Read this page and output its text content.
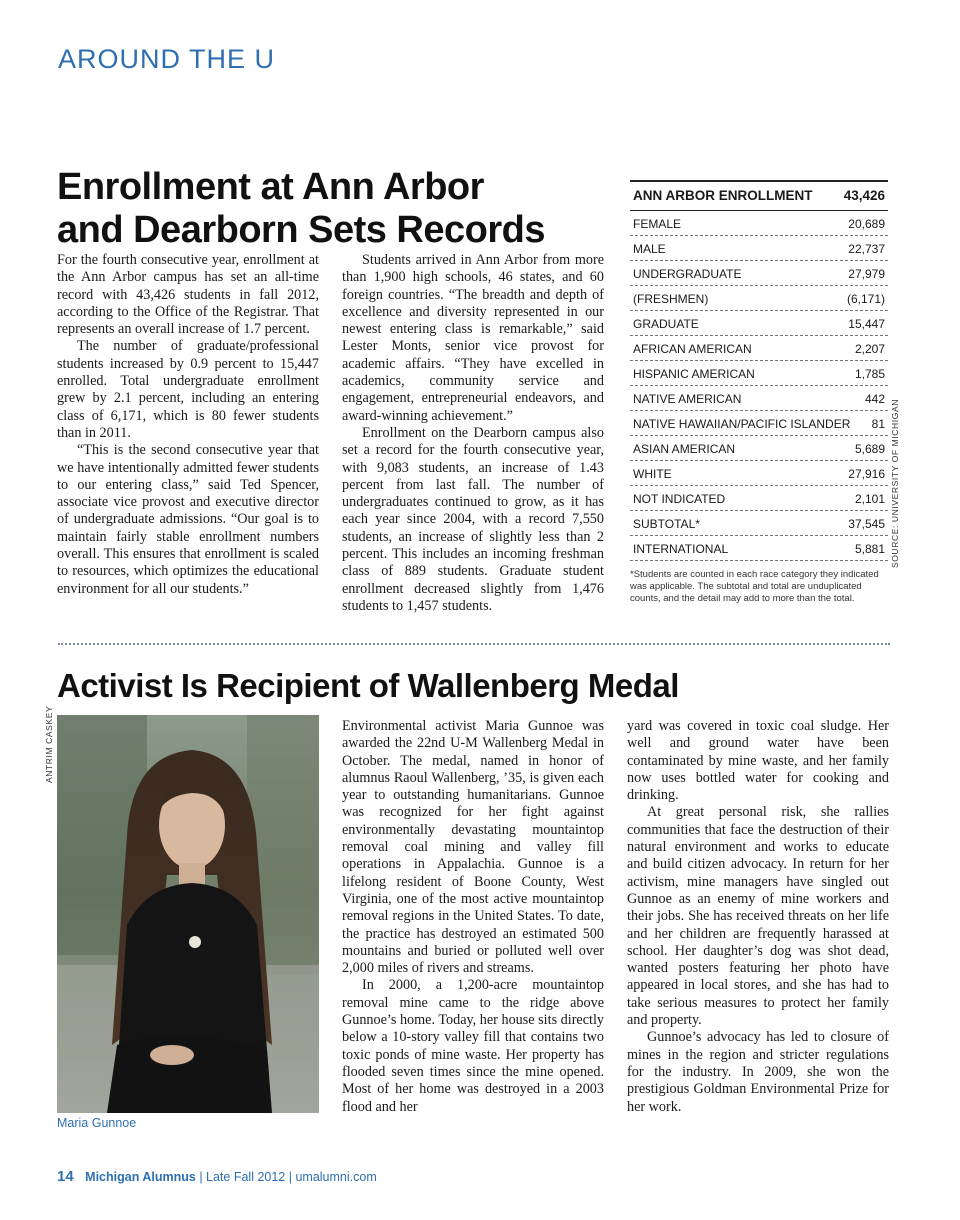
AROUND THE U
Enrollment at Ann Arbor
and Dearborn Sets Records

For the fourth consecutive year, enrollment at the Ann Arbor campus has set an all-time record with 43,426 students in fall 2012, according to the Office of the Registrar. That represents an overall increase of 1.7 percent.

The number of graduate/professional students increased by 0.9 percent to 15,447 enrolled. Total undergraduate enrollment grew by 2.1 percent, including an entering class of 6,171, which is 80 fewer students than in 2011.

“This is the second consecutive year that we have intentionally admitted fewer students to our entering class,” said Ted Spencer, associate vice provost and executive director of undergraduate admissions. “Our goal is to maintain fairly stable enrollment numbers overall. This ensures that enrollment is scaled to resources, which optimizes the educational environment for all our students.”

Students arrived in Ann Arbor from more than 1,900 high schools, 46 states, and 60 foreign countries. “The breadth and depth of excellence and diversity represented in our newest entering class is remarkable,” said Lester Monts, senior vice provost for academic affairs. “They have excelled in academics, community service and engagement, entrepreneurial endeavors, and award-winning achievement.”

Enrollment on the Dearborn campus also set a record for the fourth consecutive year, with 9,083 students, an increase of 1.43 percent from last fall. The number of undergraduates continued to grow, as it has each year since 2004, with a record 7,550 students, an increase of slightly less than 2 percent. This includes an incoming freshman class of 889 students. Graduate student enrollment decreased slightly from 1,476 students to 1,457 students.

ANN ARBOR ENROLLMENT 43,426
FEMALE	20,689
MALE	22,737
UNDERGRADUATE	27,979
(FRESHMEN)	(6,171)
GRADUATE	15,447
AFRICAN AMERICAN	2,207
HISPANIC AMERICAN	1,785
NATIVE AMERICAN	442
NATIVE HAWAIIAN/PACIFIC ISLANDER 81
ASIAN AMERICAN	5,689
WHITE	27,916
NOT INDICATED	2,101
SUBTOTAL*	37,545
INTERNATIONAL	5,881
*Students are counted in each race category they indicated was applicable. The subtotal and total are unduplicated counts, and the detail may add to more than the total.
SOURCE: UNIVERSITY OF MICHIGAN
Activist Is Recipient of Wallenberg Medal
ANTRIM CASKEY
Maria Gunnoe

Environmental activist Maria Gunnoe was awarded the 22nd U-M Wallenberg Medal in October. The medal, named in honor of alumnus Raoul Wallenberg, ’35, is given each year to outstanding humanitarians. Gunnoe was recognized for her fight against environmentally devastating mountaintop removal coal mining and valley fill operations in Appalachia. Gunnoe is a lifelong resident of Boone County, West Virginia, one of the most active mountaintop removal regions in the United States. To date, the practice has destroyed an estimated 500 mountains and buried or polluted well over 2,000 miles of rivers and streams.

In 2000, a 1,200-acre mountaintop removal mine came to the ridge above Gunnoe’s home. Today, her house sits directly below a 10-story valley fill that contains two toxic ponds of mine waste. Her property has flooded seven times since the mine opened. Most of her home was destroyed in a 2003 flood and her

yard was covered in toxic coal sludge. Her well and ground water have been contaminated by mine waste, and her family now uses bottled water for cooking and drinking.

At great personal risk, she rallies communities that face the destruction of their natural environment and works to educate and build citizen advocacy. In return for her activism, mine managers have singled out Gunnoe as an enemy of mine workers and their jobs. She has received threats on her life and her children are frequently harassed at school. Her daughter’s dog was shot dead, wanted posters featuring her photo have appeared in local stores, and she has had to take serious measures to protect her family and property.

Gunnoe’s advocacy has led to closure of mines in the region and stricter regulations for the industry. In 2009, she won the prestigious Goldman Environmental Prize for her work.

14 Michigan Alumnus | Late Fall 2012 | umalumni.com
